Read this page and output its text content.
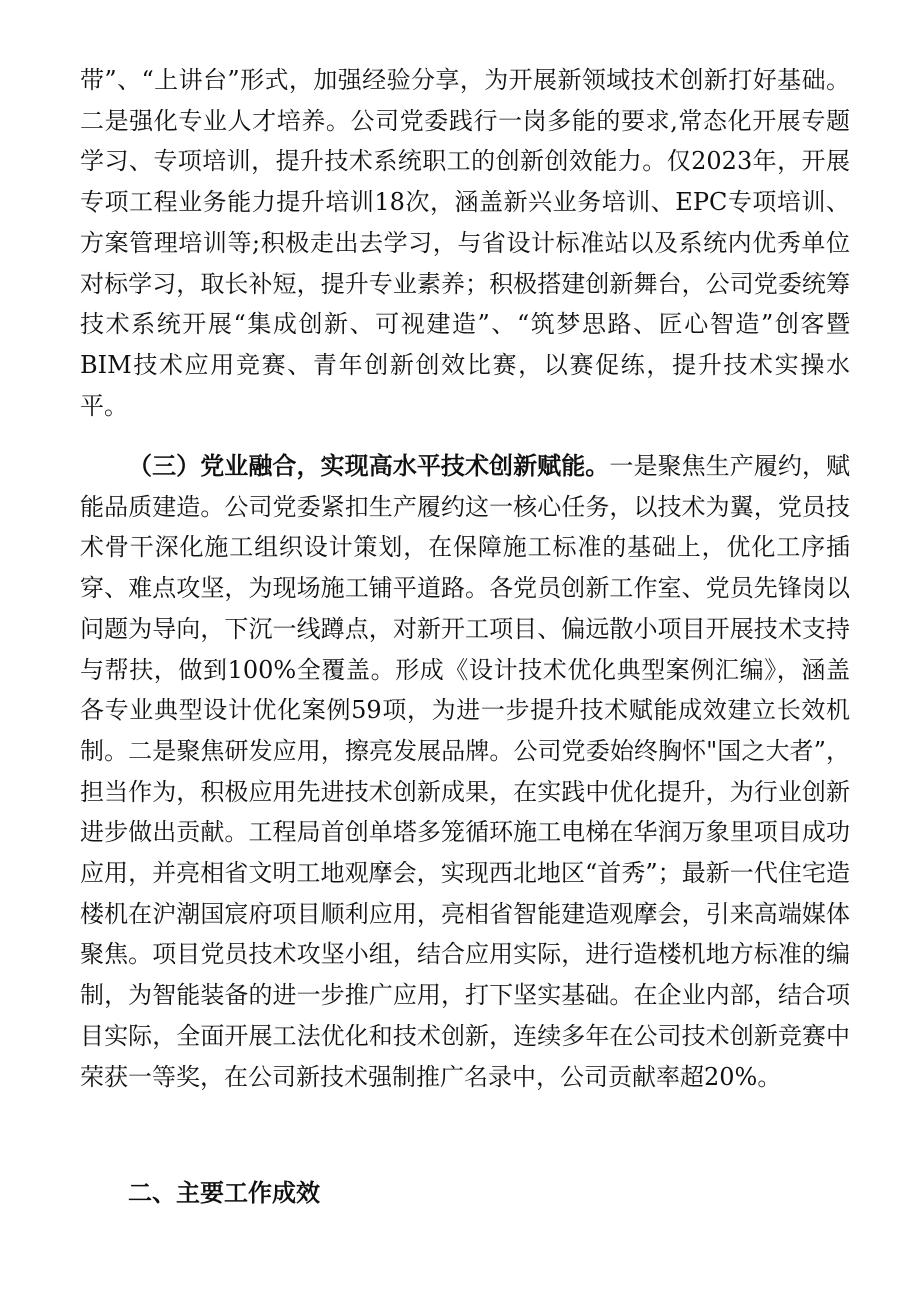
带”、“上讲台”形式，加强经验分享，为开展新领域技术创新打好基础。二是强化专业人才培养。公司党委践行一岗多能的要求,常态化开展专题学习、专项培训，提升技术系统职工的创新创效能力。仅2023年，开展专项工程业务能力提升培训18次，涵盖新兴业务培训、EPC专项培训、方案管理培训等;积极走出去学习，与省设计标准站以及系统内优秀单位对标学习，取长补短，提升专业素养；积极搭建创新舞台，公司党委统筹技术系统开展“集成创新、可视建造”、“筑梦思路、匠心智造”创客暨BIM技术应用竞赛、青年创新创效比赛，以赛促练，提升技术实操水平。
（三）党业融合，实现高水平技术创新赋能。一是聚焦生产履约，赋能品质建造。公司党委紧扣生产履约这一核心任务，以技术为翼，党员技术骨干深化施工组织设计策划，在保障施工标准的基础上，优化工序插穿、难点攻坚，为现场施工铺平道路。各党员创新工作室、党员先锋岗以问题为导向，下沉一线蹲点，对新开工项目、偏远散小项目开展技术支持与帮扶，做到100%全覆盖。形成《设计技术优化典型案例汇编》，涵盖各专业典型设计优化案例59项，为进一步提升技术赋能成效建立长效机制。二是聚焦研发应用，擦亮发展品牌。公司党委始终胸怀"国之大者”，担当作为，积极应用先进技术创新成果，在实践中优化提升，为行业创新进步做出贡献。工程局首创单塔多笼循环施工电梯在华润万象里项目成功应用，并亮相省文明工地观摩会，实现西北地区“首秀”；最新一代住宅造楼机在沪潮国宸府项目顺利应用，亮相省智能建造观摩会，引来高端媒体聚焦。项目党员技术攻坚小组，结合应用实际，进行造楼机地方标准的编制，为智能装备的进一步推广应用，打下坚实基础。在企业内部，结合项目实际，全面开展工法优化和技术创新，连续多年在公司技术创新竞赛中荣获一等奖，在公司新技术强制推广名录中，公司贡献率超20%。
二、主要工作成效
